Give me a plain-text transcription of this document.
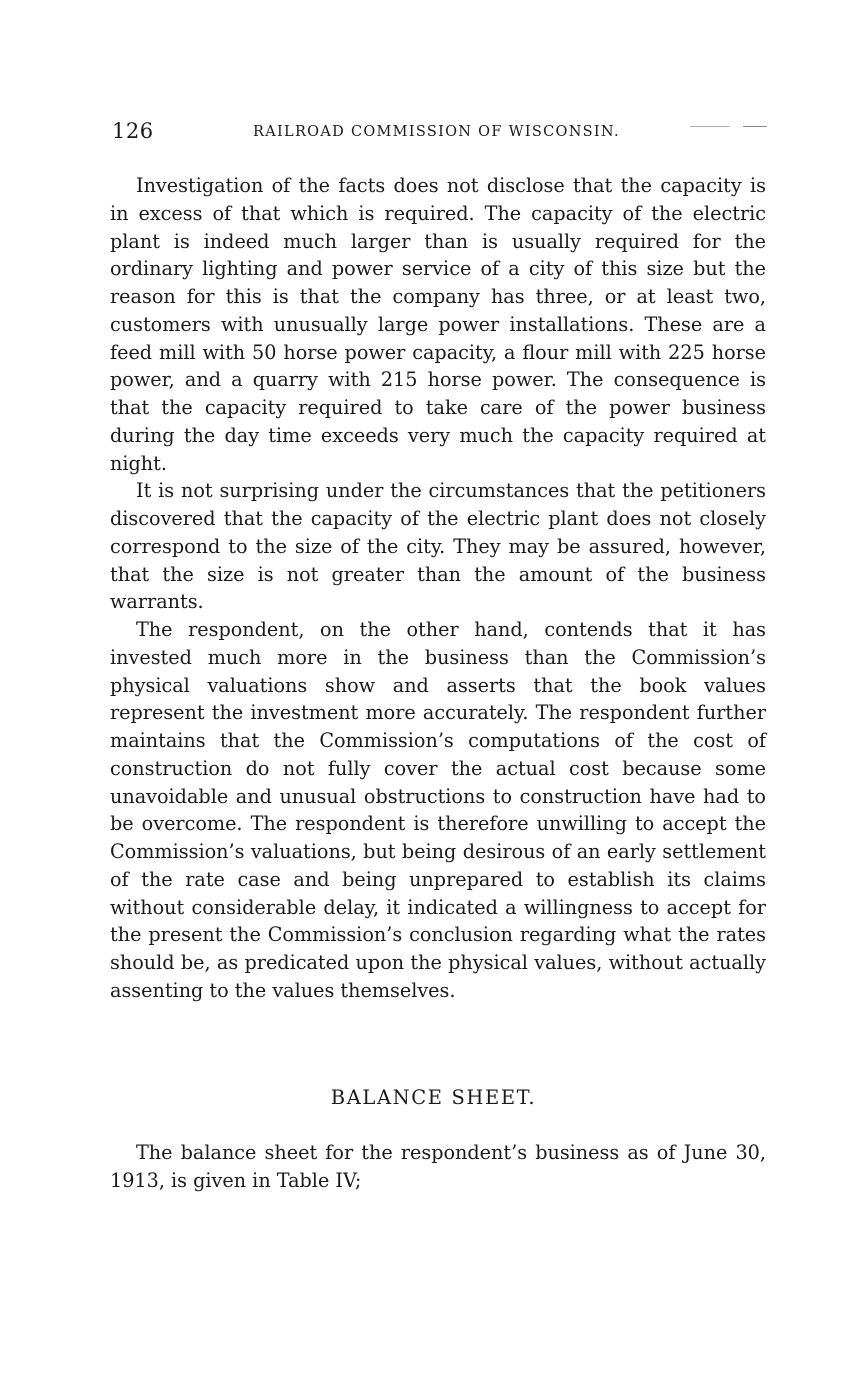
126	RAILROAD COMMISSION OF WISCONSIN.

Investigation of the facts does not disclose that the capacity is in excess of that which is required. The capacity of the electric plant is indeed much larger than is usually required for the ordinary lighting and power service of a city of this size but the reason for this is that the company has three, or at least two, customers with unusually large power installations. These are a feed mill with 50 horse power capacity, a flour mill with 225 horse power, and a quarry with 215 horse power. The consequence is that the capacity required to take care of the power business during the day time exceeds very much the capacity required at night.

It is not surprising under the circumstances that the petitioners discovered that the capacity of the electric plant does not closely correspond to the size of the city. They may be assured, however, that the size is not greater than the amount of the business warrants.

The respondent, on the other hand, contends that it has invested much more in the business than the Commission’s physical valuations show and asserts that the book values represent the investment more accurately. The respondent further maintains that the Commission’s computations of the cost of construction do not fully cover the actual cost because some unavoidable and unusual obstructions to construction have had to be overcome. The respondent is therefore unwilling to accept the Commission’s valuations, but being desirous of an early settlement of the rate case and being unprepared to establish its claims without considerable delay, it indicated a willingness to accept for the present the Commission’s conclusion regarding what the rates should be, as predicated upon the physical values, without actually assenting to the values themselves.

BALANCE SHEET.

The balance sheet for the respondent’s business as of June 30, 1913, is given in Table IV;
